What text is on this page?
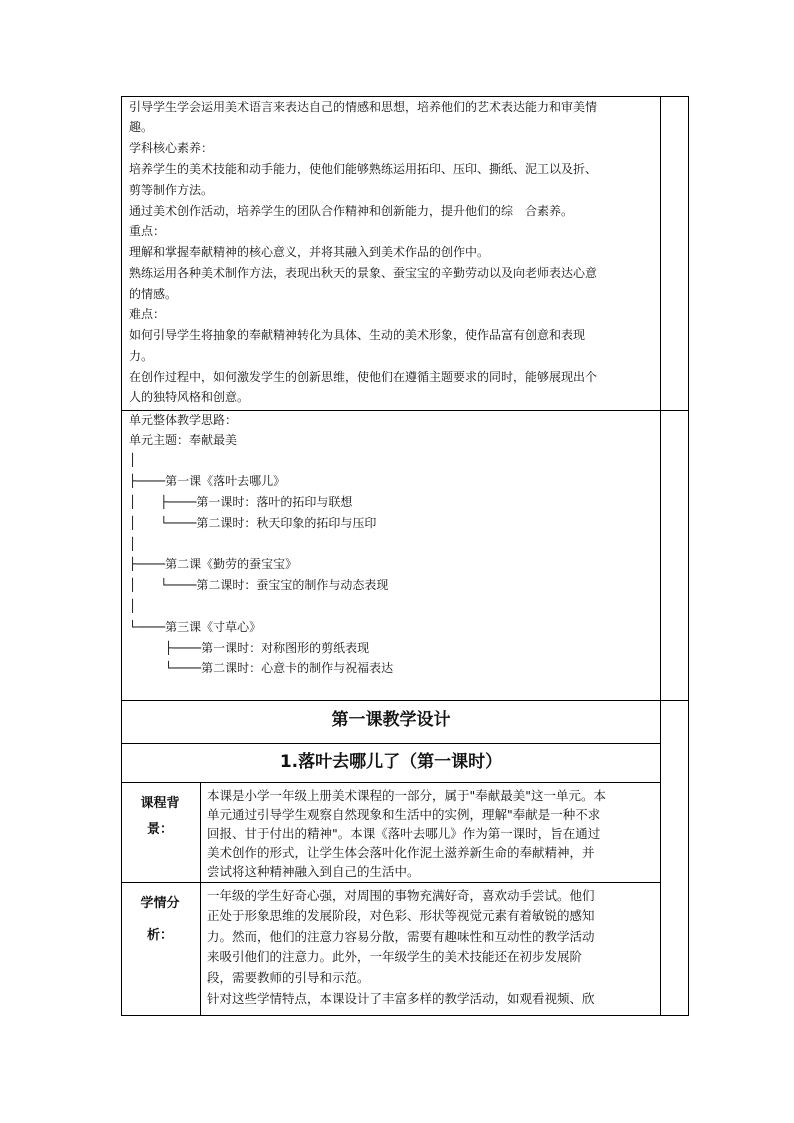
引导学生学会运用美术语言来表达自己的情感和思想，培养他们的艺术表达能力和审美情
趣。
学科核心素养：
培养学生的美术技能和动手能力，使他们能够熟练运用拓印、压印、撕纸、泥工以及折、
剪等制作方法。
通过美术创作活动，培养学生的团队合作精神和创新能力，提升他们的综　合素养。
重点：
理解和掌握奉献精神的核心意义，并将其融入到美术作品的创作中。
熟练运用各种美术制作方法，表现出秋天的景象、蚕宝宝的辛勤劳动以及向老师表达心意
的情感。
难点：
如何引导学生将抽象的奉献精神转化为具体、生动的美术形象，使作品富有创意和表现
力。
在创作过程中，如何激发学生的创新思维，使他们在遵循主题要求的同时，能够展现出个
人的独特风格和创意。
单元整体教学思路：
单元主题：奉献最美
│
├────第一课《落叶去哪儿》
│　　├────第一课时：落叶的拓印与联想
│　　└────第二课时：秋天印象的拓印与压印
│
├────第二课《勤劳的蚕宝宝》
│　　└────第二课时：蚕宝宝的制作与动态表现
│
└────第三课《寸草心》
　　　├────第一课时：对称图形的剪纸表现
　　　└────第二课时：心意卡的制作与祝福表达
第一课教学设计
1.落叶去哪儿了（第一课时）
课程背
景：
本课是小学一年级上册美术课程的一部分，属于"奉献最美"这一单元。本
单元通过引导学生观察自然现象和生活中的实例，理解"奉献是一种不求
回报、甘于付出的精神"。本课《落叶去哪儿》作为第一课时，旨在通过
美术创作的形式，让学生体会落叶化作泥土滋养新生命的奉献精神，并
尝试将这种精神融入到自己的生活中。
学情分
析：
一年级的学生好奇心强，对周围的事物充满好奇，喜欢动手尝试。他们
正处于形象思维的发展阶段，对色彩、形状等视觉元素有着敏锐的感知
力。然而，他们的注意力容易分散，需要有趣味性和互动性的教学活动
来吸引他们的注意力。此外，一年级学生的美术技能还在初步发展阶
段，需要教师的引导和示范。
针对这些学情特点，本课设计了丰富多样的教学活动，如观看视频、欣
